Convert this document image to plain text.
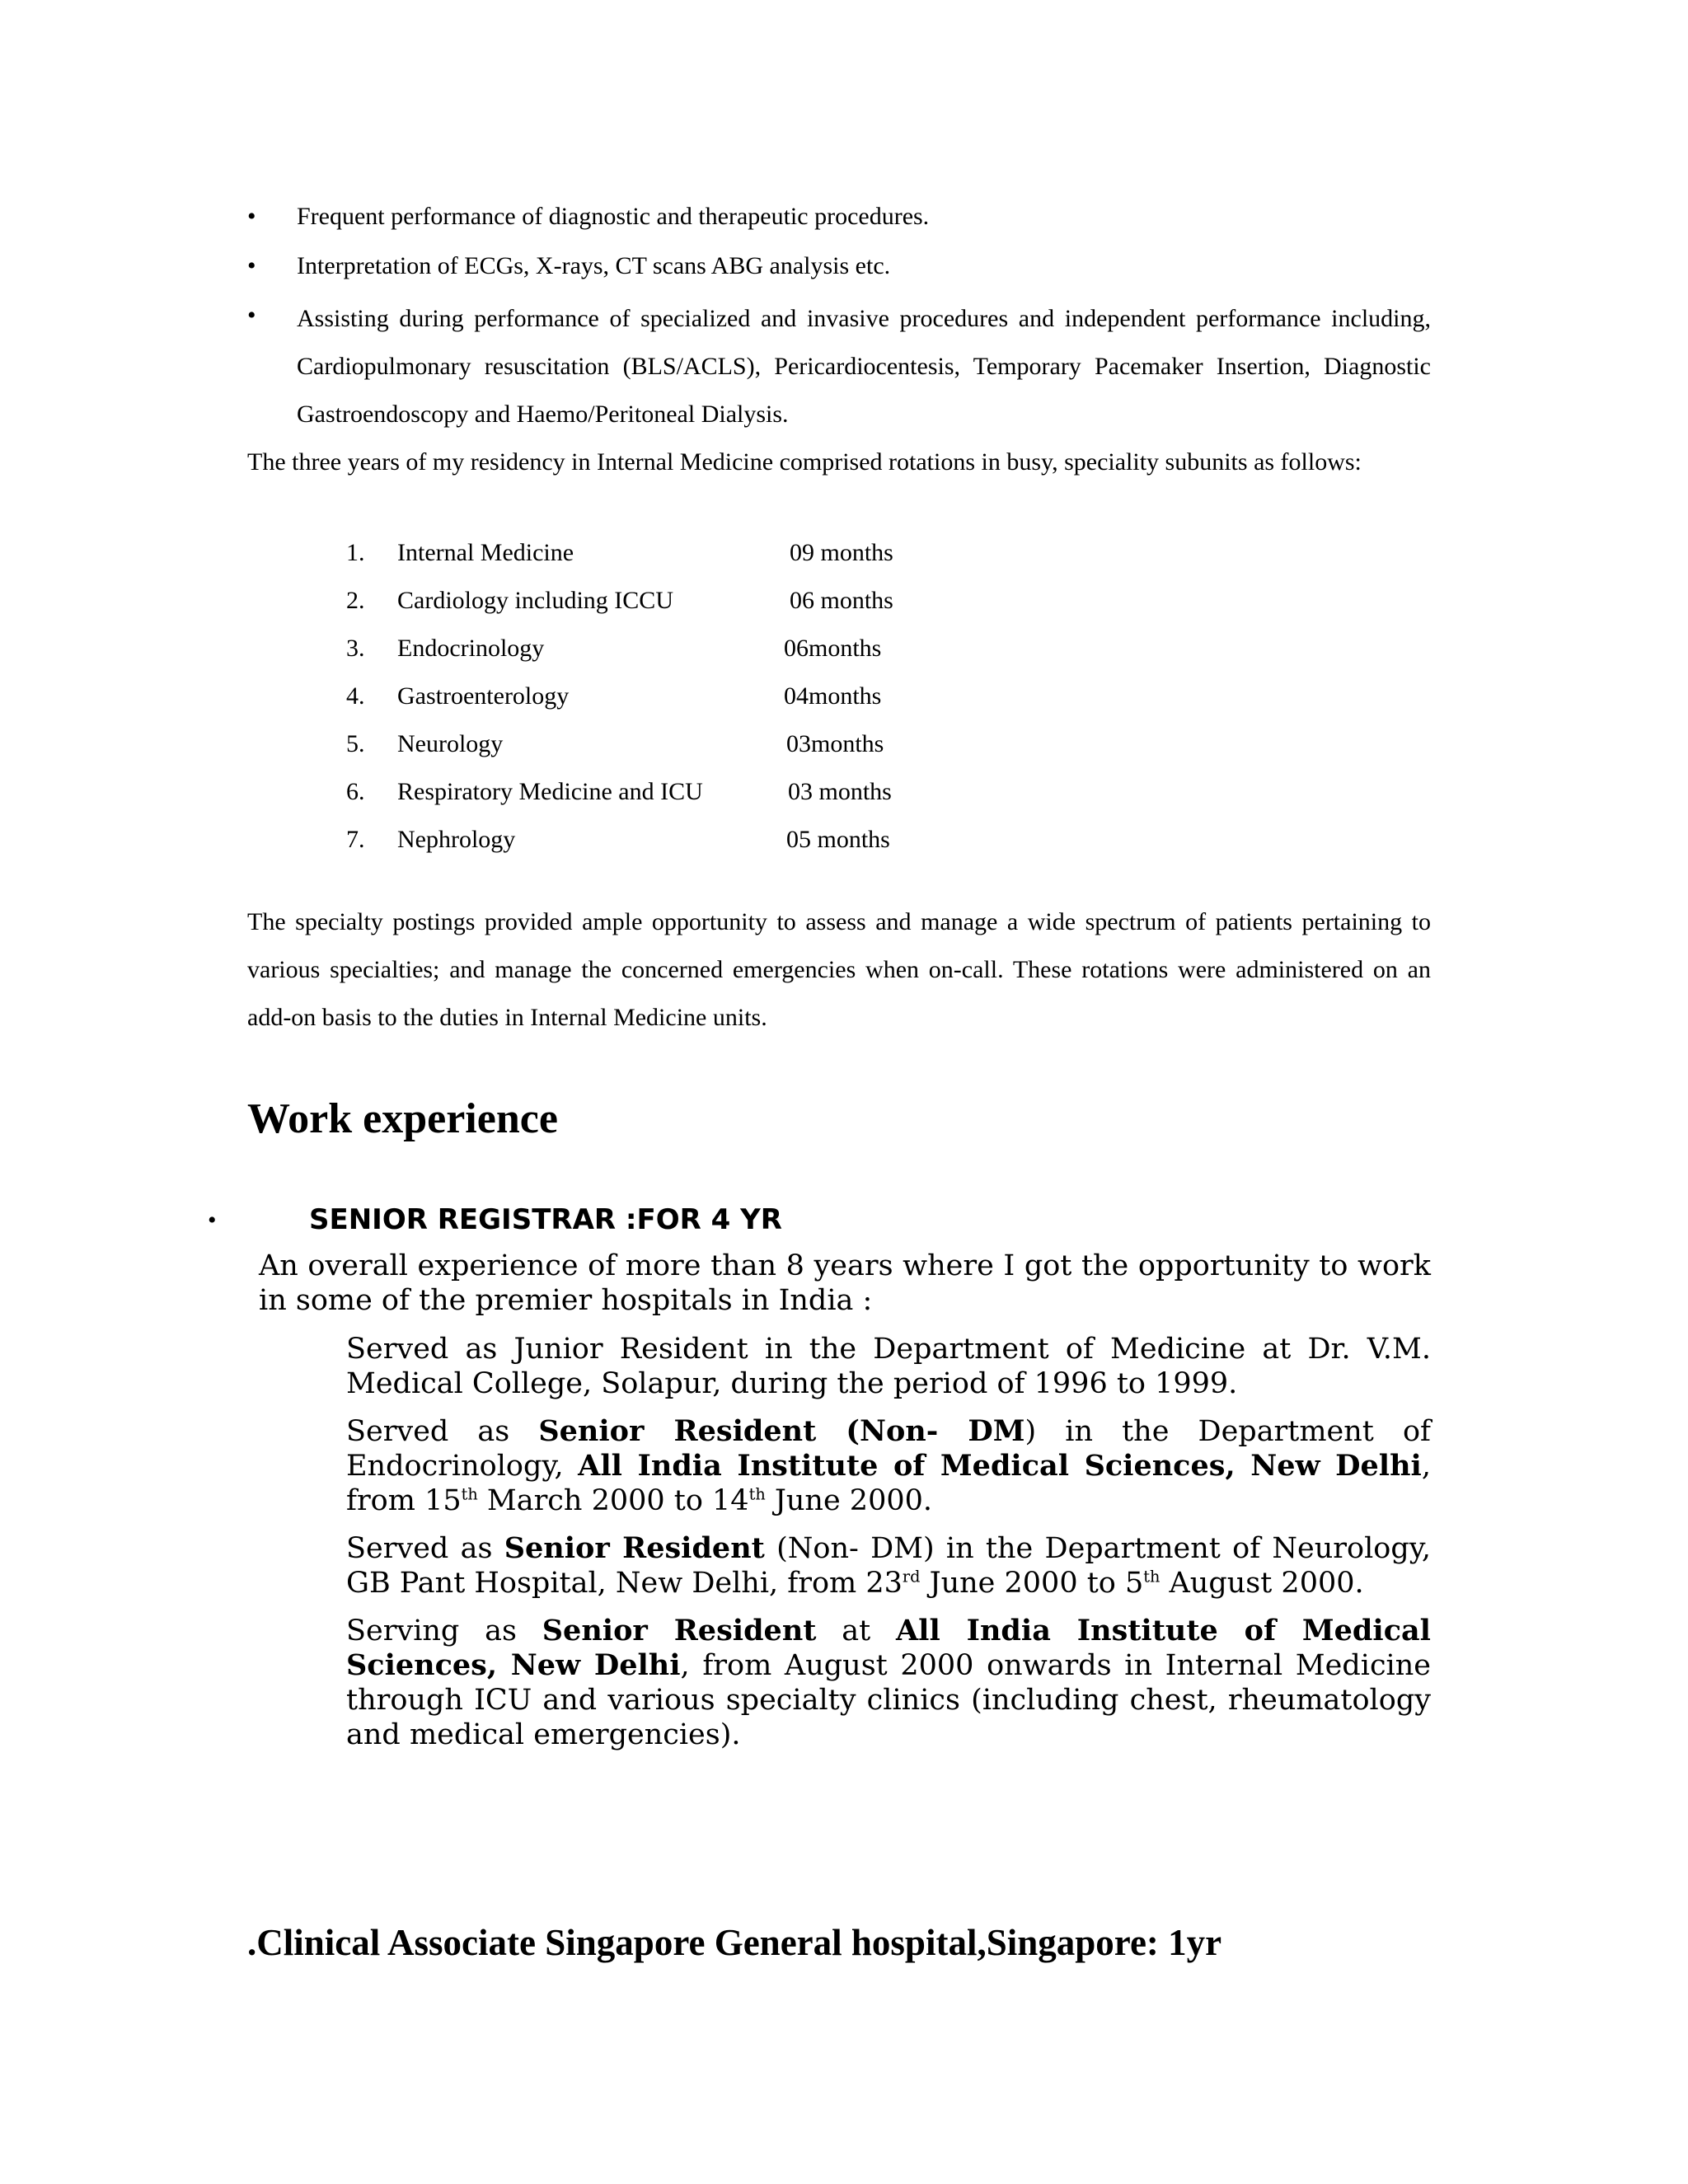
• Frequent performance of diagnostic and therapeutic procedures.

• Interpretation of ECGs, X-rays, CT scans ABG analysis etc.

• Assisting during performance of specialized and invasive procedures and independent performance including, Cardiopulmonary resuscitation (BLS/ACLS), Pericardiocentesis, Temporary Pacemaker Insertion, Diagnostic Gastroendoscopy and Haemo/Peritoneal Dialysis.

The three years of my residency in Internal Medicine comprised rotations in busy, speciality subunits as follows:

1.	Internal Medicine	09 months
2.	Cardiology including ICCU	06 months
3.	Endocrinology	06months
4.	Gastroenterology	04months
5.	Neurology	03months
6.	Respiratory Medicine and ICU	03 months
7.	Nephrology	05 months

The specialty postings provided ample opportunity to assess and manage a wide spectrum of patients pertaining to various specialties; and manage the concerned emergencies when on-call. These rotations were administered on an add-on basis to the duties in Internal Medicine units.

Work experience
•	SENIOR REGISTRAR :FOR 4 YR

An overall experience of more than 8 years where I got the opportunity to work in some of the premier hospitals in India :

Served as Junior Resident in the Department of Medicine at Dr. V.M. Medical College, Solapur, during the period of 1996 to 1999.

Served as Senior Resident (Non- DM) in the Department of Endocrinology, All India Institute of Medical Sciences, New Delhi, from 15th March 2000 to 14th June 2000.

Served as Senior Resident (Non- DM) in the Department of Neurology, GB Pant Hospital, New Delhi, from 23rd June 2000 to 5th August 2000.

Serving as Senior Resident at All India Institute of Medical Sciences, New Delhi, from August 2000 onwards in Internal Medicine through ICU and various specialty clinics (including chest, rheumatology and medical emergencies).

.Clinical Associate Singapore General hospital,Singapore: 1yr
